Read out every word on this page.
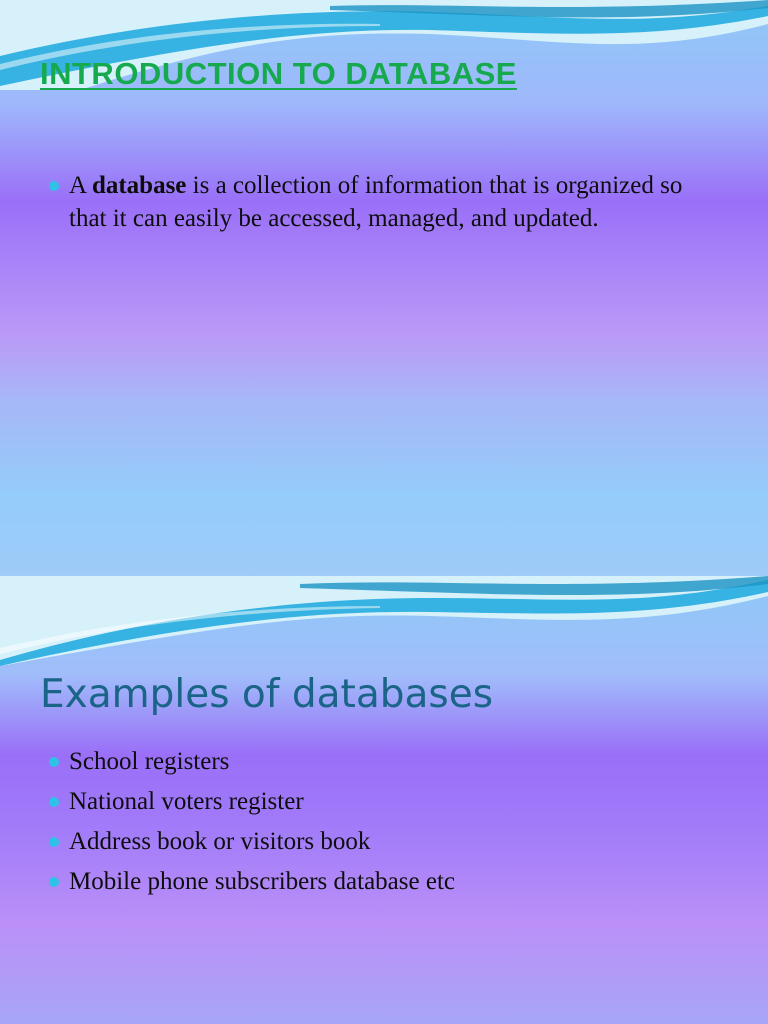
INTRODUCTION TO DATABASE
A database is a collection of information that is organized so that it can easily be accessed, managed, and updated.
Examples of databases
School registers
National voters register
Address book or visitors book
Mobile phone subscribers database etc
